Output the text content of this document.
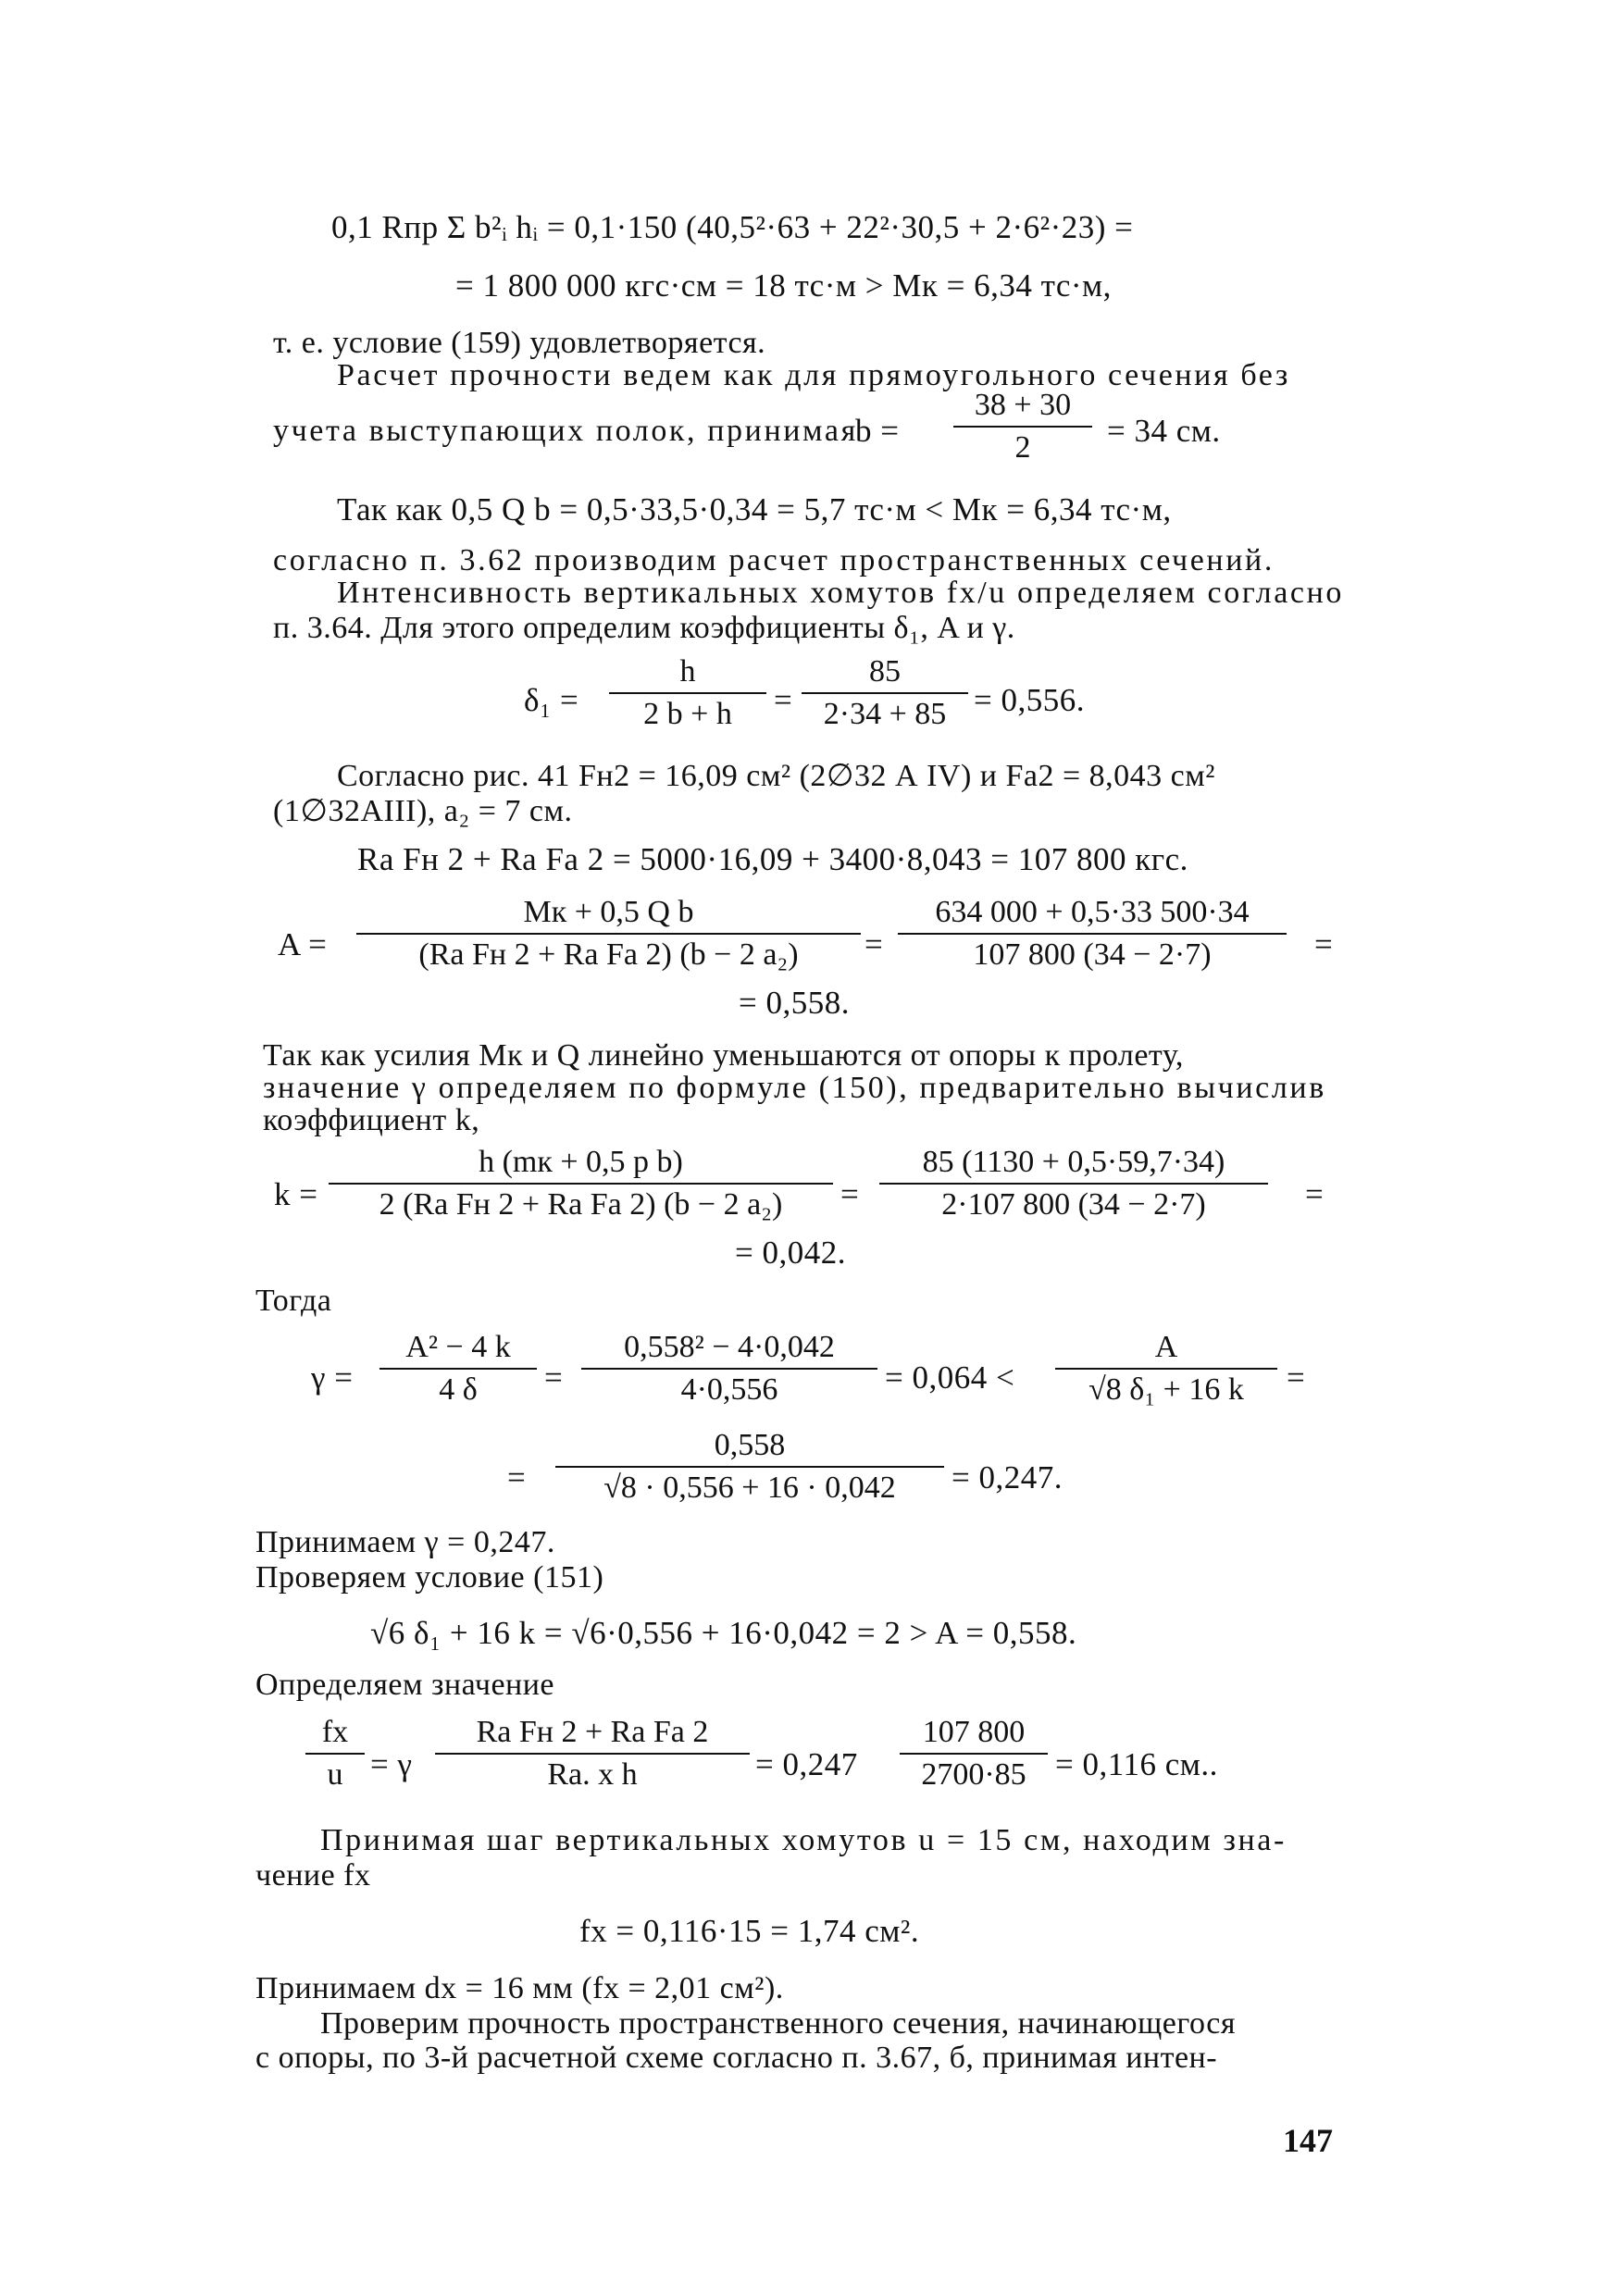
0,1 Rпр Σ b²ᵢ hᵢ = 0,1·150 (40,5²·63 + 22²·30,5 + 2·6²·23) =
= 1 800 000 кгс·см = 18 тс·м > Mк = 6,34 тс·м,
т. е. условие (159) удовлетворяется.
Расчет прочности ведем как для прямоугольного сечения без
учета выступающих полок, принимая
$b = \frac{38 + 30}{2} = 34$ см.
Так как 0,5 Q b = 0,5·33,5·0,34 = 5,7 тс·м < Mк = 6,34 тс·м,
согласно п. 3.62 производим расчет пространственных сечений.
Интенсивность вертикальных хомутов fx/u определяем согласно
п. 3.64. Для этого определим коэффициенты δ₁, A и γ.
$\delta_1 = \frac{h}{2 b + h} = \frac{85}{2\cdot 34 + 85} = 0,556$.
Согласно рис. 41 Fн2 = 16,09 см² (2∅32 А IV) и Fа2 = 8,043 см²
(1∅32АIII), a₂ = 7 см.
Rа Fн 2 + Rа Fа 2 = 5000·16,09 + 3400·8,043 = 107 800 кгс.
A =
Mк + 0,5 Q b
(Rа Fн 2 + Rа Fа 2) (b − 2 a₂)	= $\frac{634 000 + 0,5\cdot 33 500\cdot 34}{107 800 (34 - 2\cdot 7)}$ =
= 0,558.
Так как усилия Mк и Q линейно уменьшаются от опоры к пролету,
значение γ определяем по формуле (150), предварительно вычислив
коэффициент k,
k =
h (mк + 0,5 p b)
2 (Rа Fн 2 + Rа Fа 2) (b − 2 a₂)	= $\frac{85 (1130 + 0,5\cdot 59,7\cdot 34)}{2\cdot 107 800 (34 - 2\cdot 7)}$ =
= 0,042.
Тогда
$\gamma = \frac{\text{A² − 4 k}}{4 \delta} = \frac{\text{0,558² − 4·0,042}}{4\cdot 0,556} = 0,064 < \frac{A}{\text{√8 δ₁ + 16 k}}$ =
= $\frac{0,558}{√8 \cdot 0,556 + 16 \cdot 0,042} = 0,247$.
Принимаем γ = 0,247.
Проверяем условие (151)
√6 δ₁ + 16 k = √6·0,556 + 16·0,042 = 2 > A = 0,558.
Определяем значение
$\frac{fx}{u} = \gamma$
Rа Fн 2 + Rа Fа 2
Rа. x h	= $0,247 \frac{107 800}{2700\cdot 85} = 0,116$ см..
Принимая шаг вертикальных хомутов u = 15 см, находим зна-
чение fx
fx = 0,116·15 = 1,74 см².
Принимаем dx = 16 мм (fx = 2,01 см²).
Проверим прочность пространственного сечения, начинающегося
с опоры, по 3-й расчетной схеме согласно п. 3.67, б, принимая интен-
147
